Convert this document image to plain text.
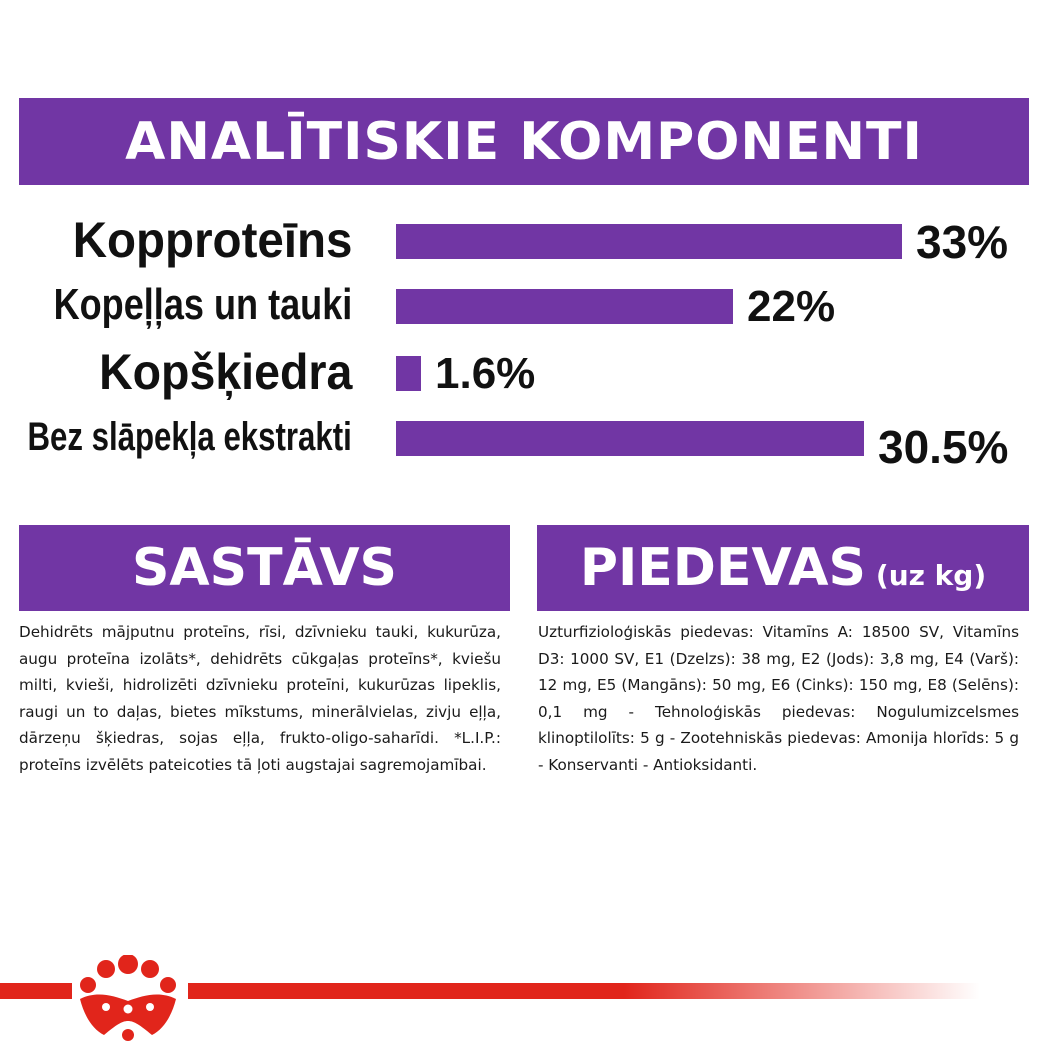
ANALĪTISKIE KOMPONENTI
Kopproteīns	33%
Kopeļļas un tauki	22%
Kopšķiedra 1.6%
Bez slāpekļa ekstrakti	30.5%
SASTĀVS

Dehidrēts mājputnu proteīns, rīsi, dzīvnieku tauki, kukurūza, augu proteīna izolāts*, dehidrēts cūkgaļas proteīns*, kviešu milti, kvieši, hidrolizēti dzīvnieku proteīni, kukurūzas lipeklis, raugi un to daļas, bietes mīkstums, minerālvielas, zivju eļļa, dārzeņu šķiedras, sojas eļļa, frukto-oligo-saharīdi. *L.I.P.: proteīns izvēlēts pateicoties tā ļoti augstajai sagremojamībai.

PIEDEVAS (uz kg)

Uzturfizioloģiskās piedevas: Vitamīns A: 18500 SV, Vitamīns D3: 1000 SV, E1 (Dzelzs): 38 mg, E2 (Jods): 3,8 mg, E4 (Varš): 12 mg, E5 (Mangāns): 50 mg, E6 (Cinks): 150 mg, E8 (Selēns): 0,1 mg - Tehnoloģiskās piedevas: Nogulumizcelsmes klinoptilolīts: 5 g - Zootehniskās piedevas: Amonija hlorīds: 5 g - Konservanti - Antioksidanti.
